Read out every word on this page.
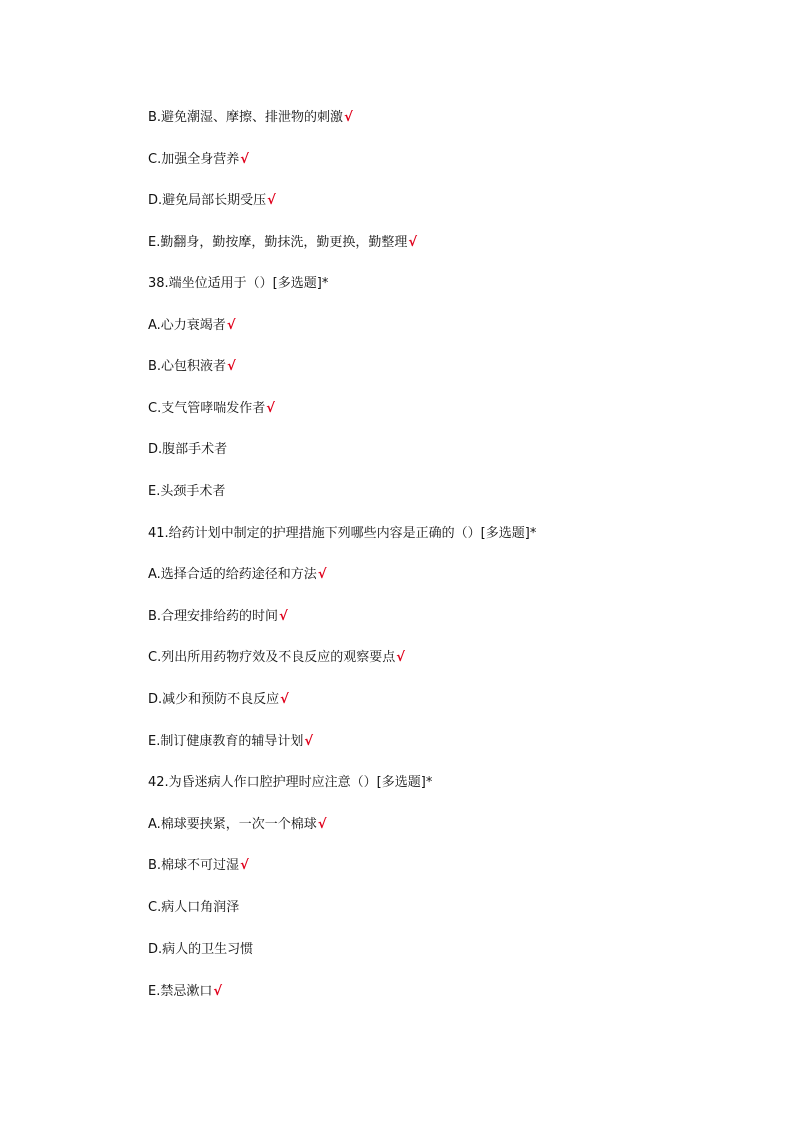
B.避免潮湿、摩擦、排泄物的刺激√
C.加强全身营养√
D.避免局部长期受压√
E.勤翻身，勤按摩，勤抹洗，勤更换，勤整理√
38.端坐位适用于（）[多选题]*
A.心力衰竭者√
B.心包积液者√
C.支气管哮喘发作者√
D.腹部手术者
E.头颈手术者
41.给药计划中制定的护理措施下列哪些内容是正确的（）[多选题]*
A.选择合适的给药途径和方法√
B.合理安排给药的时间√
C.列出所用药物疗效及不良反应的观察要点√
D.减少和预防不良反应√
E.制订健康教育的辅导计划√
42.为昏迷病人作口腔护理时应注意（）[多选题]*
A.棉球要挟紧，一次一个棉球√
B.棉球不可过湿√
C.病人口角润泽
D.病人的卫生习惯
E.禁忌漱口√
